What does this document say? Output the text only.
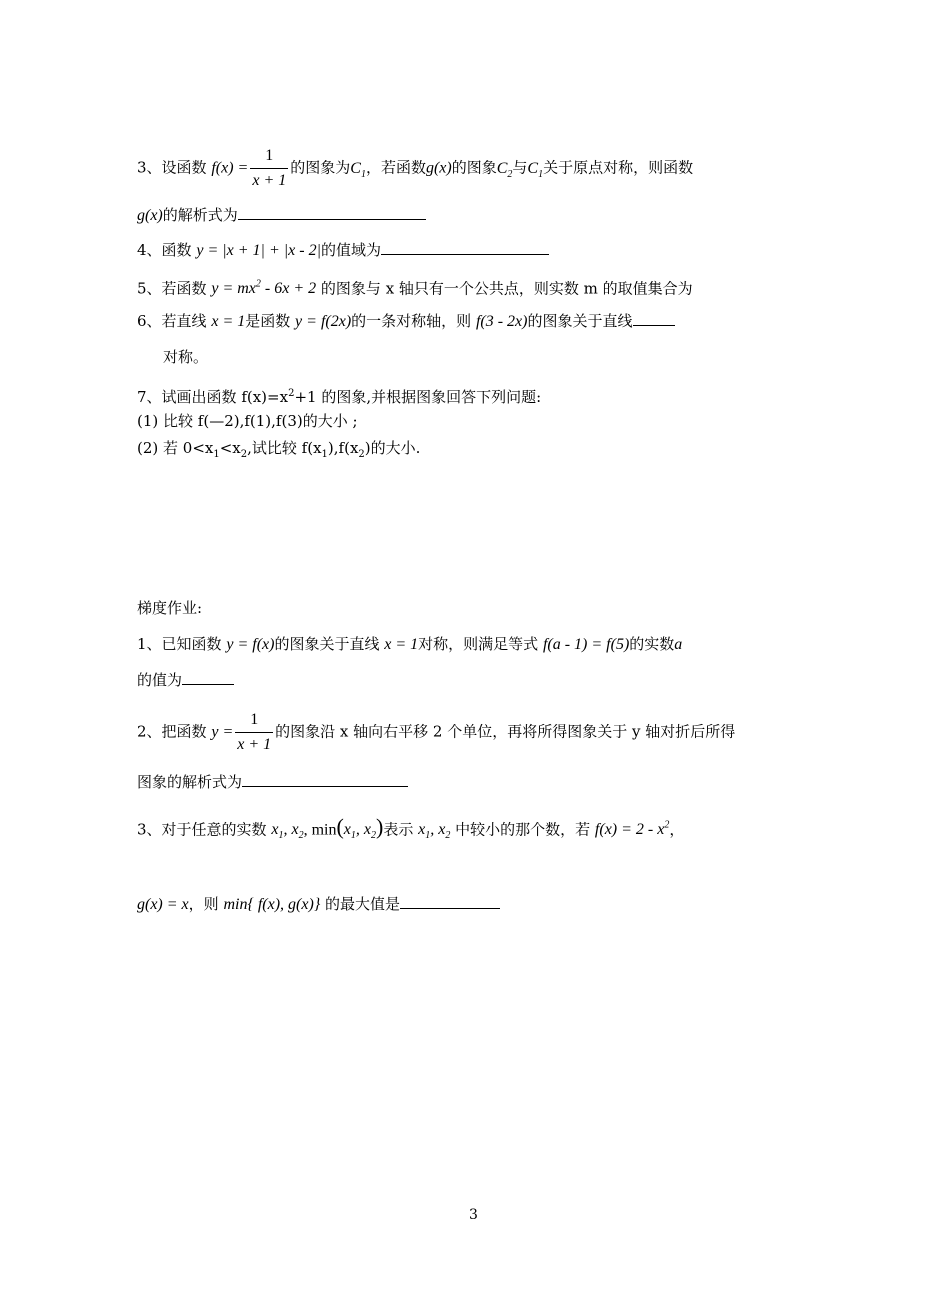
3、设函数 $f(x) = \frac{1}{x + 1}$ 的图象为$C_1$，若函数g(x)的图象$C_2$与$C_1$关于原点对称，则函数
g(x)的解析式为
4、函数 y = |x + 1| + |x - 2|的值域为
5、若函数 $y = mx^2 - 6x + 2$ 的图象与 x 轴只有一个公共点，则实数 m 的取值集合为
6、若直线 x = 1是函数 y = f(2x)的一条对称轴，则 f(3 - 2x)的图象关于直线
对称。
7、试画出函数 $f(x)=x^2+1$ 的图象,并根据图象回答下列问题:
(1) 比较 f(—2),f(1),f(3)的大小 ;
(2) 若 $0<x_1<x_2$,试比较 $f(x_1),f(x_2)$的大小.
梯度作业:
1、已知函数 y = f(x)的图象关于直线 x = 1对称，则满足等式 f(a - 1) = f(5)的实数a
的值为
2、把函数 $y = \frac{1}{x + 1}$ 的图象沿 x 轴向右平移 2 个单位，再将所得图象关于 y 轴对折后所得
图象的解析式为
3、对于任意的实数 $x_1$, $x_2$, $\min(x_1$, $x_2$)表示 $x_1$, $x_2$ 中较小的那个数，若 $f(x) = 2 - x^2$，
g(x) = x，则 min{ f(x), g(x)} 的最大值是
3
